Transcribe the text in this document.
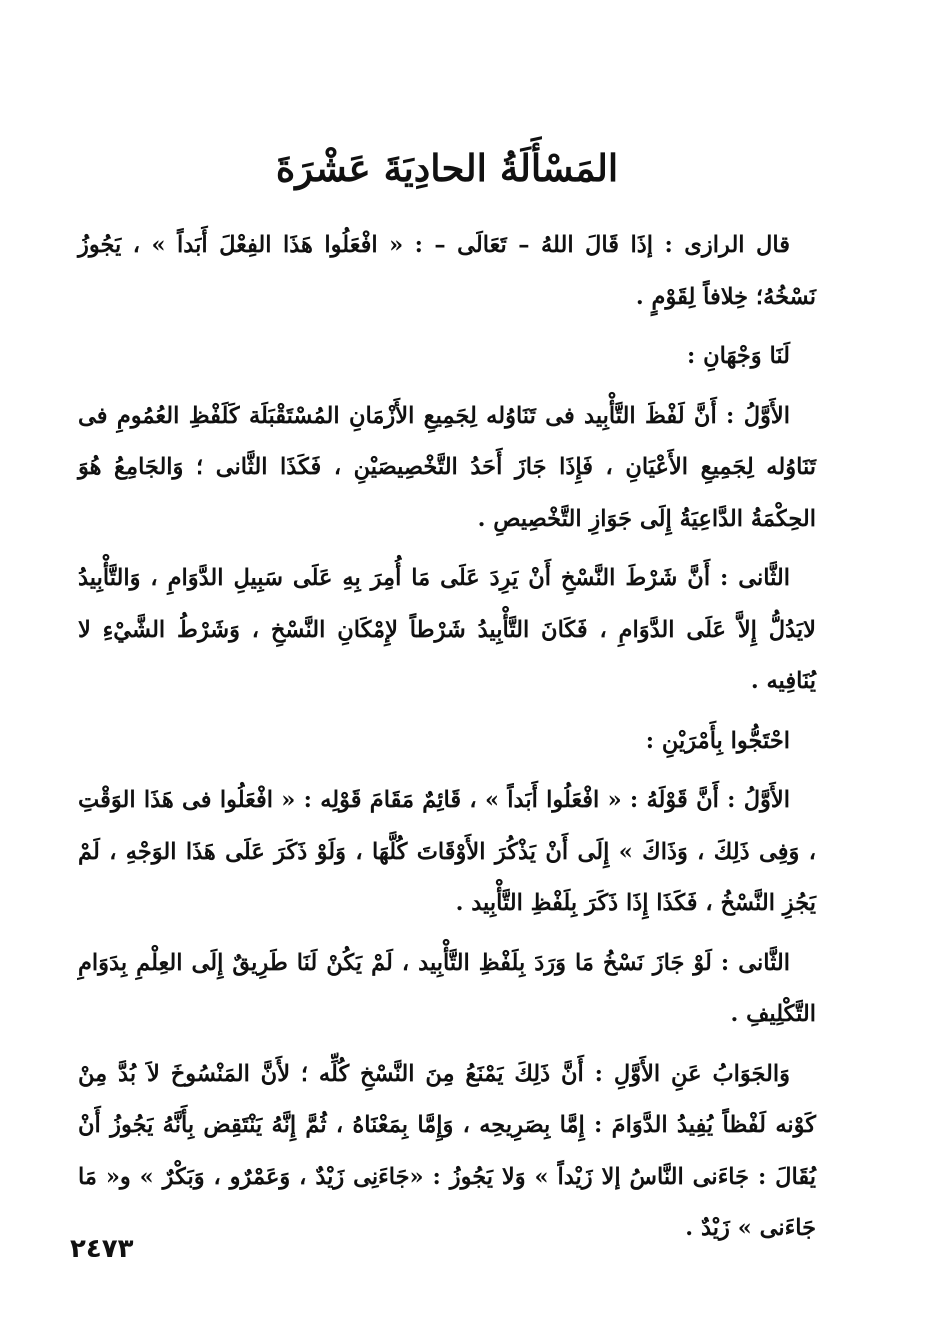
المَسْأَلَةُ الحادِيَةَ عَشْرَةَ

قال الرازى : إذَا قَالَ اللهُ – تَعَالَى – : « افْعَلُوا هَذَا الفِعْلَ أَبَداً » ، يَجُوزُ نَسْخُهُ؛ خِلافاً لِقَوْمٍ .

لَنَا وَجْهَانِ :

الأَوَّلُ : أَنَّ لَفْظَ التَّأْبِيد فى تَنَاوُله لِجَمِيعِ الأَزْمَانِ المُسْتَقْبَلَة كَلَفْظِ العُمُومِ فى تَنَاوُله لِجَمِيعِ الأَعْيَانِ ، فَإِذَا جَازَ أَحَدُ التَّخْصِيصَيْنِ ، فَكَذَا الثَّانى ؛ وَالجَامِعُ هُوَ الحِكْمَةُ الدَّاعِيَةُ إِلَى جَوَازِ التَّخْصِيصِ .

الثَّانى : أَنَّ شَرْطَ النَّسْخِ أَنْ يَرِدَ عَلَى مَا أُمِرَ بِهِ عَلَى سَبِيلِ الدَّوَامِ ، وَالتَّأْبِيدُ لايَدُلُّ إِلاَّ عَلَى الدَّوَامِ ، فَكَانَ التَّأْبِيدُ شَرْطاً لإِمْكَانِ النَّسْخِ ، وَشَرْطُ الشَّيْءِ لا يُنَافِيه .

احْتَجُّوا بِأَمْرَيْنِ :

الأَوَّلُ : أَنَّ قَوْلَهُ : « افْعَلُوا أَبَداً » ، قَائِمٌ مَقَامَ قَوْلِه : « افْعَلُوا فى هَذَا الوَقْتِ ، وَفِى ذَلِكَ ، وَذَاكَ » إِلَى أَنْ يَذْكُرَ الأَوْقَاتَ كُلَّهَا ، وَلَوْ ذَكَرَ عَلَى هَذَا الوَجْهِ ، لَمْ يَجُزِ النَّسْخُ ، فَكَذَا إِذَا ذَكَرَ بِلَفْظِ التَّأْبِيد .

الثَّانى : لَوْ جَازَ نَسْخُ مَا وَرَدَ بِلَفْظِ التَّأْبِيد ، لَمْ يَكُنْ لَنَا طَرِيقٌ إِلَى العِلْمِ بِدَوَامِ التَّكْلِيفِ .

وَالجَوَابُ عَنِ الأَوَّلِ : أَنَّ ذَلِكَ يَمْنَعُ مِنَ النَّسْخِ كُلِّه ؛ لأَنَّ المَنْسُوخَ لاَ بُدَّ مِنْ كَوْنه لَفْظاً يُفِيدُ الدَّوَامَ : إِمَّا بِصَرِيحِه ، وَإِمَّا بِمَعْنَاهُ ، ثُمَّ إِنَّهُ يَنْتَقِض بِأَنَّهُ يَجُوزُ أَنْ يُقَالَ : جَاءَنى النَّاسُ إلا زَيْداً » وَلا يَجُوزُ : «جَاءَنِى زَيْدٌ ، وَعَمْرٌو ، وَبَكْرٌ » و« مَا جَاءَنى » زَيْدٌ .

٢٤٧٣
